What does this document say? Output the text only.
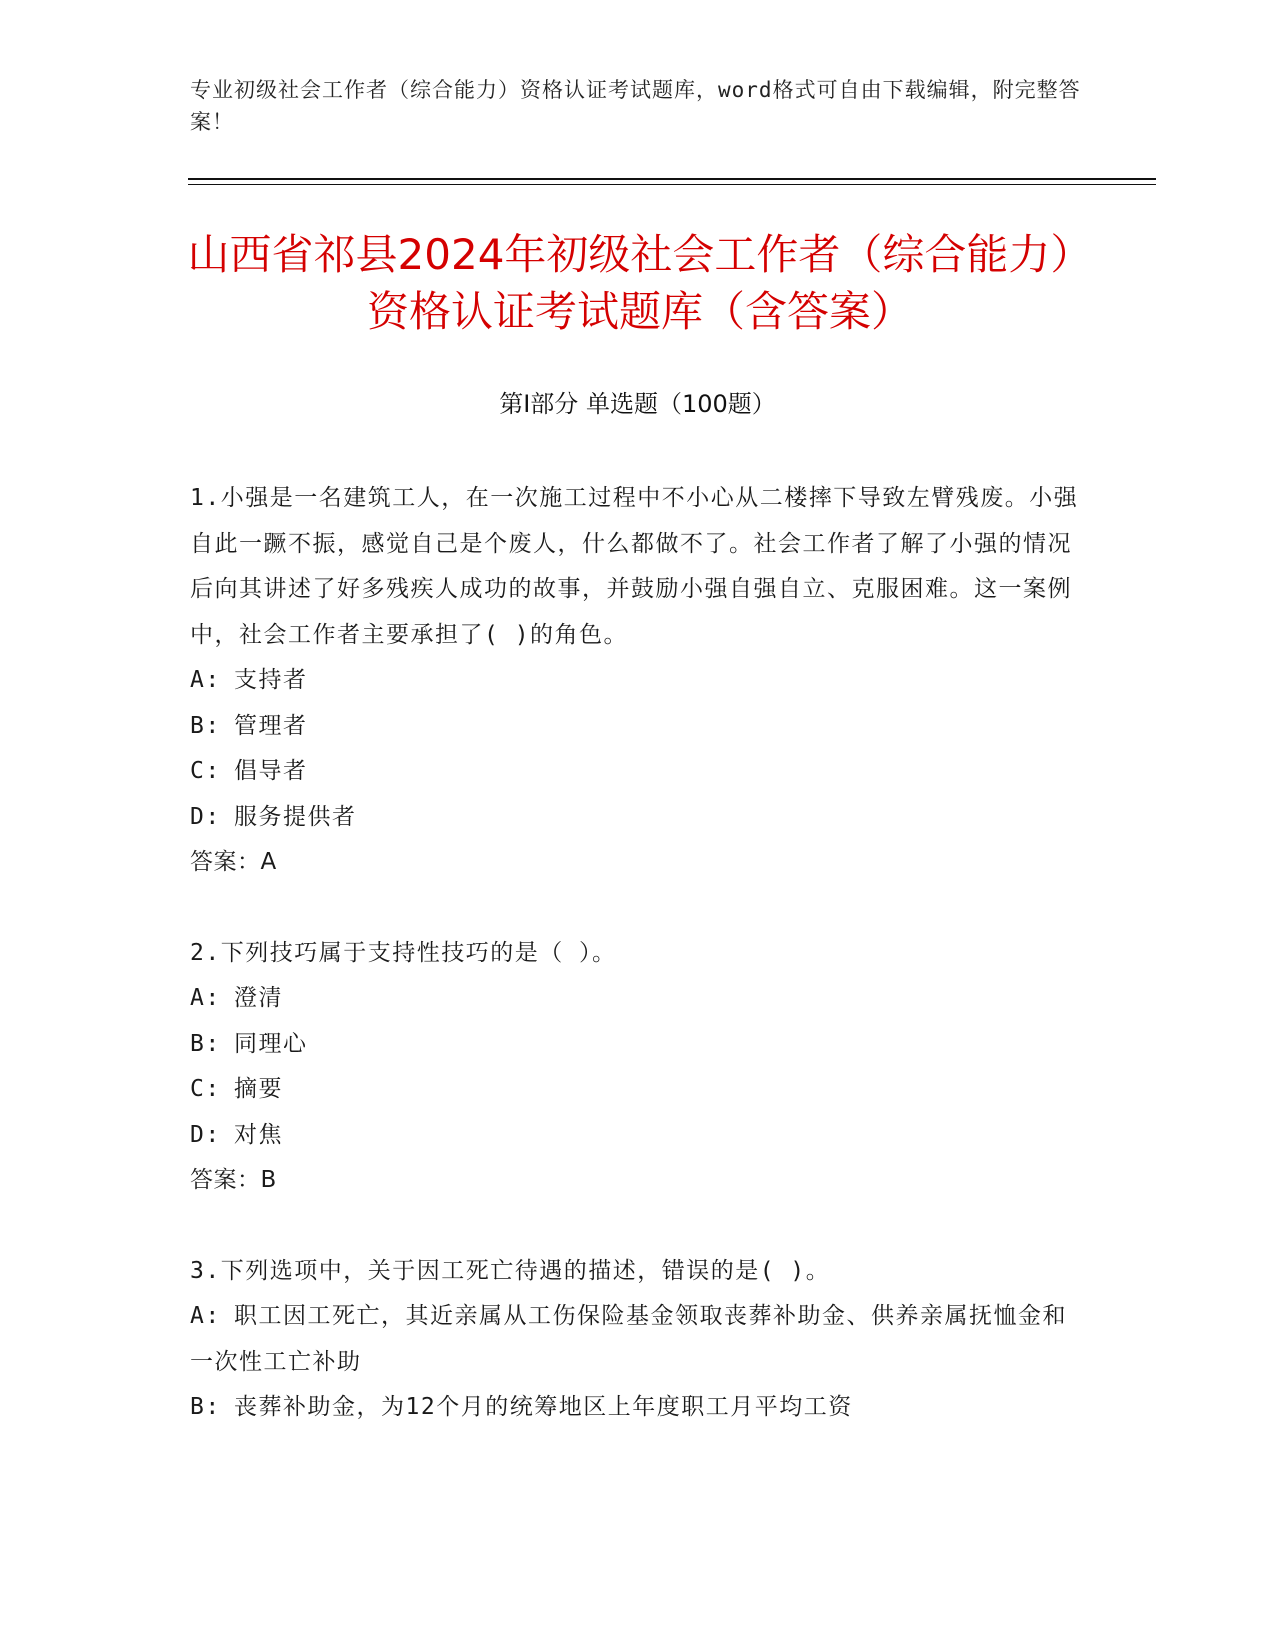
专业初级社会工作者（综合能力）资格认证考试题库，word格式可自由下载编辑，附完整答案！
山西省祁县2024年初级社会工作者（综合能力）资格认证考试题库（含答案）
第Ⅰ部分 单选题（100题）

1.小强是一名建筑工人，在一次施工过程中不小心从二楼摔下导致左臂残废。小强自此一蹶不振，感觉自己是个废人，什么都做不了。社会工作者了解了小强的情况后向其讲述了好多残疾人成功的故事，并鼓励小强自强自立、克服困难。这一案例中，社会工作者主要承担了( )的角色。

A: 支持者

B: 管理者

C: 倡导者

D: 服务提供者

答案：A

2.下列技巧属于支持性技巧的是（ ）。

A: 澄清

B: 同理心

C: 摘要

D: 对焦

答案：B

3.下列选项中，关于因工死亡待遇的描述，错误的是( )。

A: 职工因工死亡，其近亲属从工伤保险基金领取丧葬补助金、供养亲属抚恤金和一次性工亡补助

B: 丧葬补助金，为12个月的统筹地区上年度职工月平均工资
